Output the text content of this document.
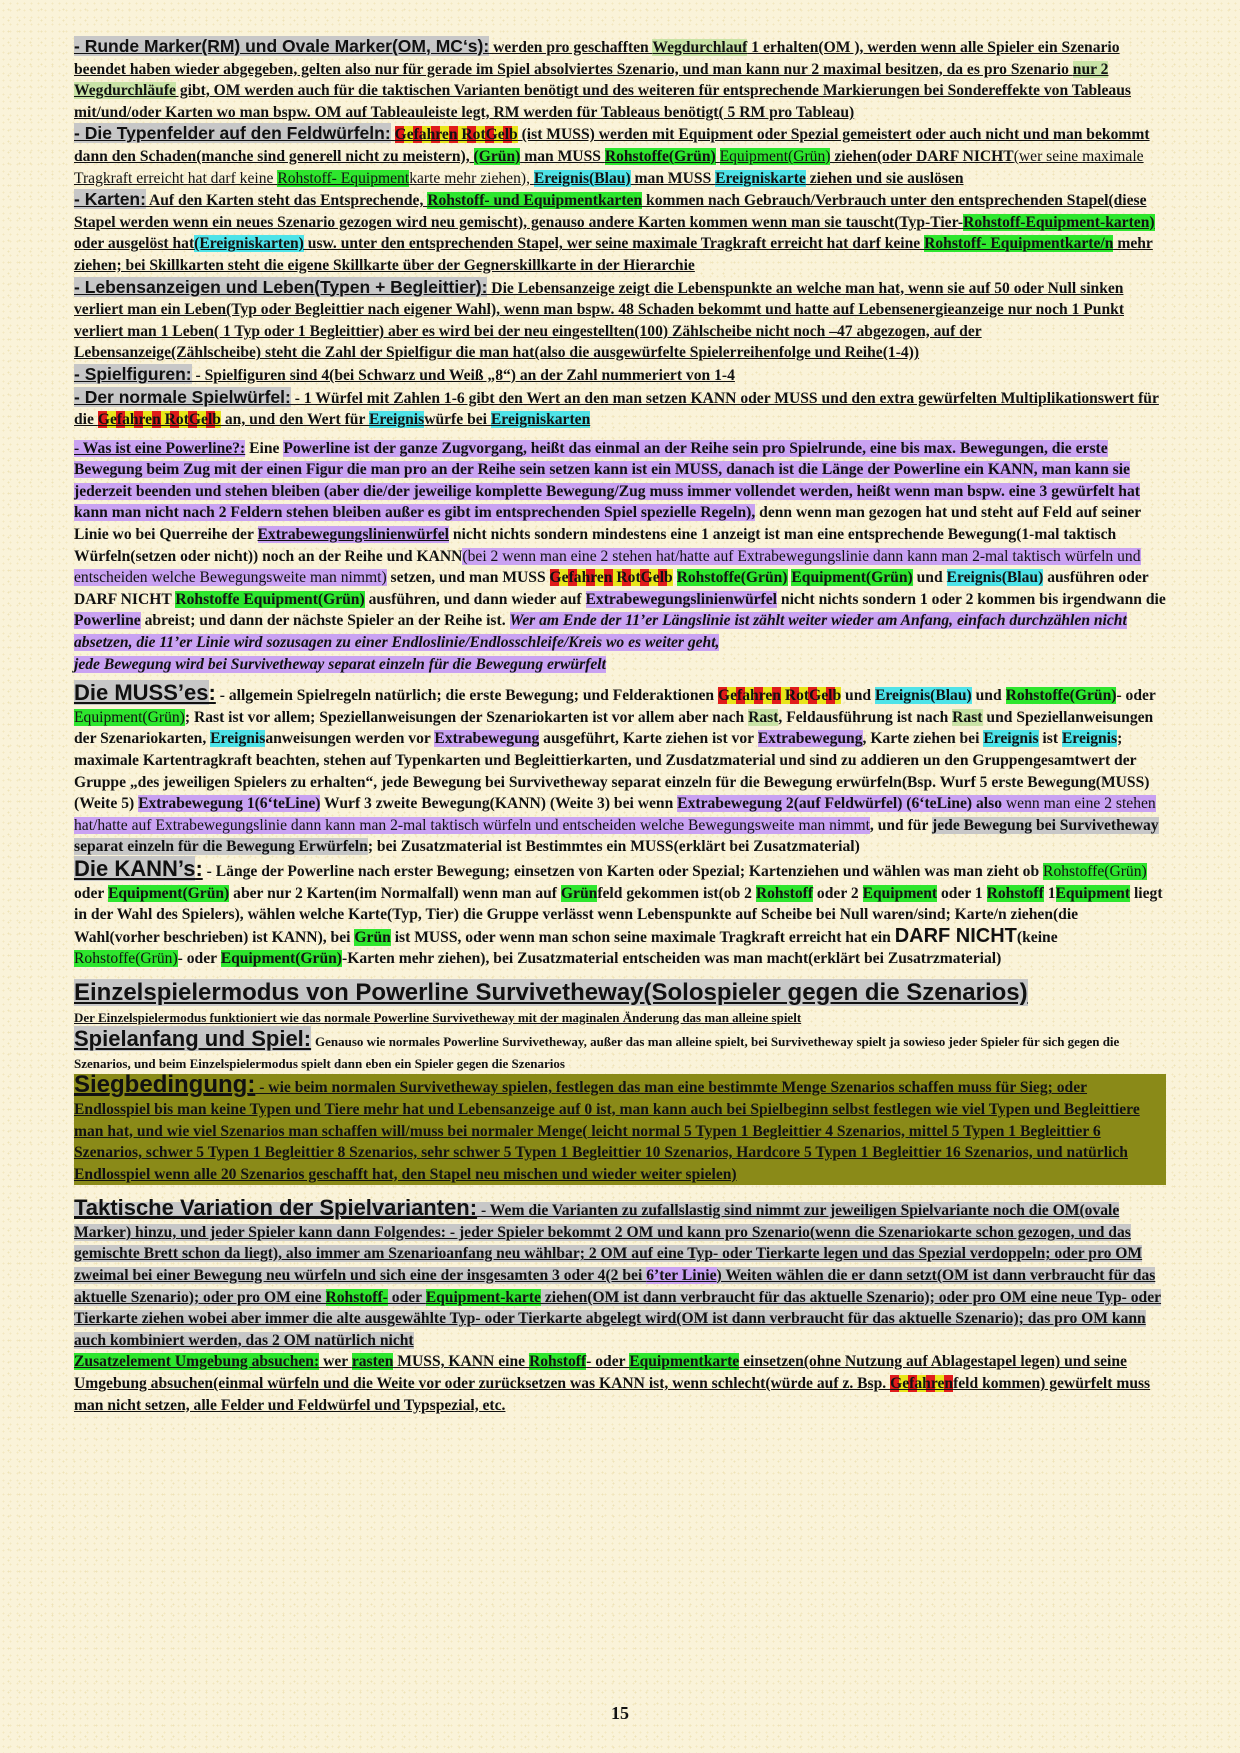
- Runde Marker(RM) und Ovale Marker(OM, MC‘s): werden pro geschafften Wegdurchlauf 1 erhalten(OM ), werden wenn alle Spieler ein Szenario beendet haben wieder abgegeben, gelten also nur für gerade im Spiel absolviertes Szenario, und man kann nur 2 maximal besitzen, da es pro Szenario nur 2 Wegdurchläufe gibt, OM werden auch für die taktischen Varianten benötigt und des weiteren für entsprechende Markierungen bei Sondereffekte von Tableaus mit/und/oder Karten wo man bspw. OM auf Tableauleiste legt, RM werden für Tableaus benötigt( 5 RM pro Tableau)

- Die Typenfelder auf den Feldwürfeln: Gefahren RotGelb (ist MUSS) werden mit Equipment oder Spezial gemeistert oder auch nicht und man bekommt dann den Schaden(manche sind generell nicht zu meistern), (Grün) man MUSS Rohstoffe(Grün) Equipment(Grün) ziehen(oder DARF NICHT(wer seine maximale Tragkraft erreicht hat darf keine Rohstoff- Equipmentkarte mehr ziehen), Ereignis(Blau) man MUSS Ereigniskarte ziehen und sie auslösen

- Karten: Auf den Karten steht das Entsprechende, Rohstoff- und Equipmentkarten kommen nach Gebrauch/Verbrauch unter den entsprechenden Stapel(diese Stapel werden wenn ein neues Szenario gezogen wird neu gemischt), genauso andere Karten kommen wenn man sie tauscht(Typ-Tier-Rohstoff-Equipment-karten) oder ausgelöst hat(Ereigniskarten) usw. unter den entsprechenden Stapel, wer seine maximale Tragkraft erreicht hat darf keine Rohstoff- Equipmentkarte/n mehr ziehen; bei Skillkarten steht die eigene Skillkarte über der Gegnerskillkarte in der Hierarchie

- Lebensanzeigen und Leben(Typen + Begleittier): Die Lebensanzeige zeigt die Lebenspunkte an welche man hat, wenn sie auf 50 oder Null sinken verliert man ein Leben(Typ oder Begleittier nach eigener Wahl), wenn man bspw. 48 Schaden bekommt und hatte auf Lebensenergieanzeige nur noch 1 Punkt verliert man 1 Leben( 1 Typ oder 1 Begleittier) aber es wird bei der neu eingestellten(100) Zählscheibe nicht noch –47 abgezogen, auf der Lebensanzeige(Zählscheibe) steht die Zahl der Spielfigur die man hat(also die ausgewürfelte Spielerreihenfolge und Reihe(1-4))

- Spielfiguren: - Spielfiguren sind 4(bei Schwarz und Weiß „8“) an der Zahl nummeriert von 1-4

- Der normale Spielwürfel: - 1 Würfel mit Zahlen 1-6 gibt den Wert an den man setzen KANN oder MUSS und den extra gewürfelten Multiplikationswert für die Gefahren RotGelb an, und den Wert für Ereigniswürfe bei Ereigniskarten

- Was ist eine Powerline?: Eine Powerline ist der ganze Zugvorgang, heißt das einmal an der Reihe sein pro Spielrunde, eine bis max. Bewegungen, die erste Bewegung beim Zug mit der einen Figur die man pro an der Reihe sein setzen kann ist ein MUSS, danach ist die Länge der Powerline ein KANN, man kann sie jederzeit beenden und stehen bleiben (aber die/der jeweilige komplette Bewegung/Zug muss immer vollendet werden, heißt wenn man bspw. eine 3 gewürfelt hat kann man nicht nach 2 Feldern stehen bleiben außer es gibt im entsprechenden Spiel spezielle Regeln), denn wenn man gezogen hat und steht auf Feld auf seiner Linie wo bei Querreihe der Extrabewegungslinienwürfel nicht nichts sondern mindestens eine 1 anzeigt ist man eine entsprechende Bewegung(1-mal taktisch Würfeln(setzen oder nicht)) noch an der Reihe und KANN(bei 2 wenn man eine 2 stehen hat/hatte auf Extrabewegungslinie dann kann man 2-mal taktisch würfeln und entscheiden welche Bewegungsweite man nimmt) setzen, und man MUSS Gefahren RotGelb Rohstoffe(Grün) Equipment(Grün) und Ereignis(Blau) ausführen oder DARF NICHT Rohstoffe Equipment(Grün) ausführen, und dann wieder auf Extrabewegungslinienwürfel nicht nichts sondern 1 oder 2 kommen bis irgendwann die Powerline abreist; und dann der nächste Spieler an der Reihe ist. Wer am Ende der 11’er Längslinie ist zählt weiter wieder am Anfang, einfach durchzählen nicht absetzen, die 11’er Linie wird sozusagen zu einer Endloslinie/Endlosschleife/Kreis wo es weiter geht,
jede Bewegung wird bei Survivetheway separat einzeln für die Bewegung erwürfelt

Die MUSS’es: - allgemein Spielregeln natürlich; die erste Bewegung; und Felderaktionen Gefahren RotGelb und Ereignis(Blau) und Rohstoffe(Grün)- oder Equipment(Grün); Rast ist vor allem; Speziellanweisungen der Szenariokarten ist vor allem aber nach Rast, Feldausführung ist nach Rast und Speziellanweisungen der Szenariokarten, Ereignisanweisungen werden vor Extrabewegung ausgeführt, Karte ziehen ist vor Extrabewegung, Karte ziehen bei Ereignis ist Ereignis; maximale Kartentragkraft beachten, stehen auf Typenkarten und Begleittierkarten, und Zusdatzmaterial und sind zu addieren un den Gruppengesamtwert der Gruppe „des jeweiligen Spielers zu erhalten“, jede Bewegung bei Survivetheway separat einzeln für die Bewegung erwürfeln(Bsp. Wurf 5 erste Bewegung(MUSS) (Weite 5) Extrabewegung 1(6‘teLine) Wurf 3 zweite Bewegung(KANN) (Weite 3) bei wenn Extrabewegung 2(auf Feldwürfel) (6‘teLine) also wenn man eine 2 stehen hat/hatte auf Extrabewegungslinie dann kann man 2-mal taktisch würfeln und entscheiden welche Bewegungsweite man nimmt, und für jede Bewegung bei Survivetheway separat einzeln für die Bewegung Erwürfeln; bei Zusatzmaterial ist Bestimmtes ein MUSS(erklärt bei Zusatzmaterial)

Die KANN’s: - Länge der Powerline nach erster Bewegung; einsetzen von Karten oder Spezial; Kartenziehen und wählen was man zieht ob Rohstoffe(Grün) oder Equipment(Grün) aber nur 2 Karten(im Normalfall) wenn man auf Grünfeld gekommen ist(ob 2 Rohstoff oder 2 Equipment oder 1 Rohstoff 1Equipment liegt in der Wahl des Spielers), wählen welche Karte(Typ, Tier) die Gruppe verlässt wenn Lebenspunkte auf Scheibe bei Null waren/sind; Karte/n ziehen(die Wahl(vorher beschrieben) ist KANN), bei Grün ist MUSS, oder wenn man schon seine maximale Tragkraft erreicht hat ein DARF NICHT(keine Rohstoffe(Grün)- oder Equipment(Grün)-Karten mehr ziehen), bei Zusatzmaterial entscheiden was man macht(erklärt bei Zusatrzmaterial)

Einzelspielermodus von Powerline Survivetheway(Solospieler gegen die Szenarios)
Der Einzelspielermodus funktioniert wie das normale Powerline Survivetheway mit der maginalen Änderung das man alleine spielt

Spielanfang und Spiel: Genauso wie normales Powerline Survivetheway, außer das man alleine spielt, bei Survivetheway spielt ja sowieso jeder Spieler für sich gegen die Szenarios, und beim Einzelspielermodus spielt dann eben ein Spieler gegen die Szenarios

Siegbedingung: - wie beim normalen Survivetheway spielen, festlegen das man eine bestimmte Menge Szenarios schaffen muss für Sieg; oder Endlosspiel bis man keine Typen und Tiere mehr hat und Lebensanzeige auf 0 ist, man kann auch bei Spielbeginn selbst festlegen wie viel Typen und Begleittiere man hat, und wie viel Szenarios man schaffen will/muss bei normaler Menge( leicht normal 5 Typen 1 Begleittier 4 Szenarios, mittel 5 Typen 1 Begleittier 6 Szenarios, schwer 5 Typen 1 Begleittier 8 Szenarios, sehr schwer 5 Typen 1 Begleittier 10 Szenarios, Hardcore 5 Typen 1 Begleittier 16 Szenarios, und natürlich Endlosspiel wenn alle 20 Szenarios geschafft hat, den Stapel neu mischen und wieder weiter spielen)

Taktische Variation der Spielvarianten: - Wem die Varianten zu zufallslastig sind nimmt zur jeweiligen Spielvariante noch die OM(ovale Marker) hinzu, und jeder Spieler kann dann Folgendes: - jeder Spieler bekommt 2 OM und kann pro Szenario(wenn die Szenariokarte schon gezogen, und das gemischte Brett schon da liegt), also immer am Szenarioanfang neu wählbar; 2 OM auf eine Typ- oder Tierkarte legen und das Spezial verdoppeln; oder pro OM zweimal bei einer Bewegung neu würfeln und sich eine der insgesamten 3 oder 4(2 bei 6’ter Linie) Weiten wählen die er dann setzt(OM ist dann verbraucht für das aktuelle Szenario); oder pro OM eine Rohstoff- oder Equipment-karte ziehen(OM ist dann verbraucht für das aktuelle Szenario); oder pro OM eine neue Typ- oder Tierkarte ziehen wobei aber immer die alte ausgewählte Typ- oder Tierkarte abgelegt wird(OM ist dann verbraucht für das aktuelle Szenario); das pro OM kann auch kombiniert werden, das 2 OM natürlich nicht
Zusatzelement Umgebung absuchen: wer rasten MUSS, KANN eine Rohstoff- oder Equipmentkarte einsetzen(ohne Nutzung auf Ablagestapel legen) und seine Umgebung absuchen(einmal würfeln und die Weite vor oder zurücksetzen was KANN ist, wenn schlecht(würde auf z. Bsp. Gefahrenfeld kommen) gewürfelt muss man nicht setzen, alle Felder und Feldwürfel und Typspezial, etc.

15
